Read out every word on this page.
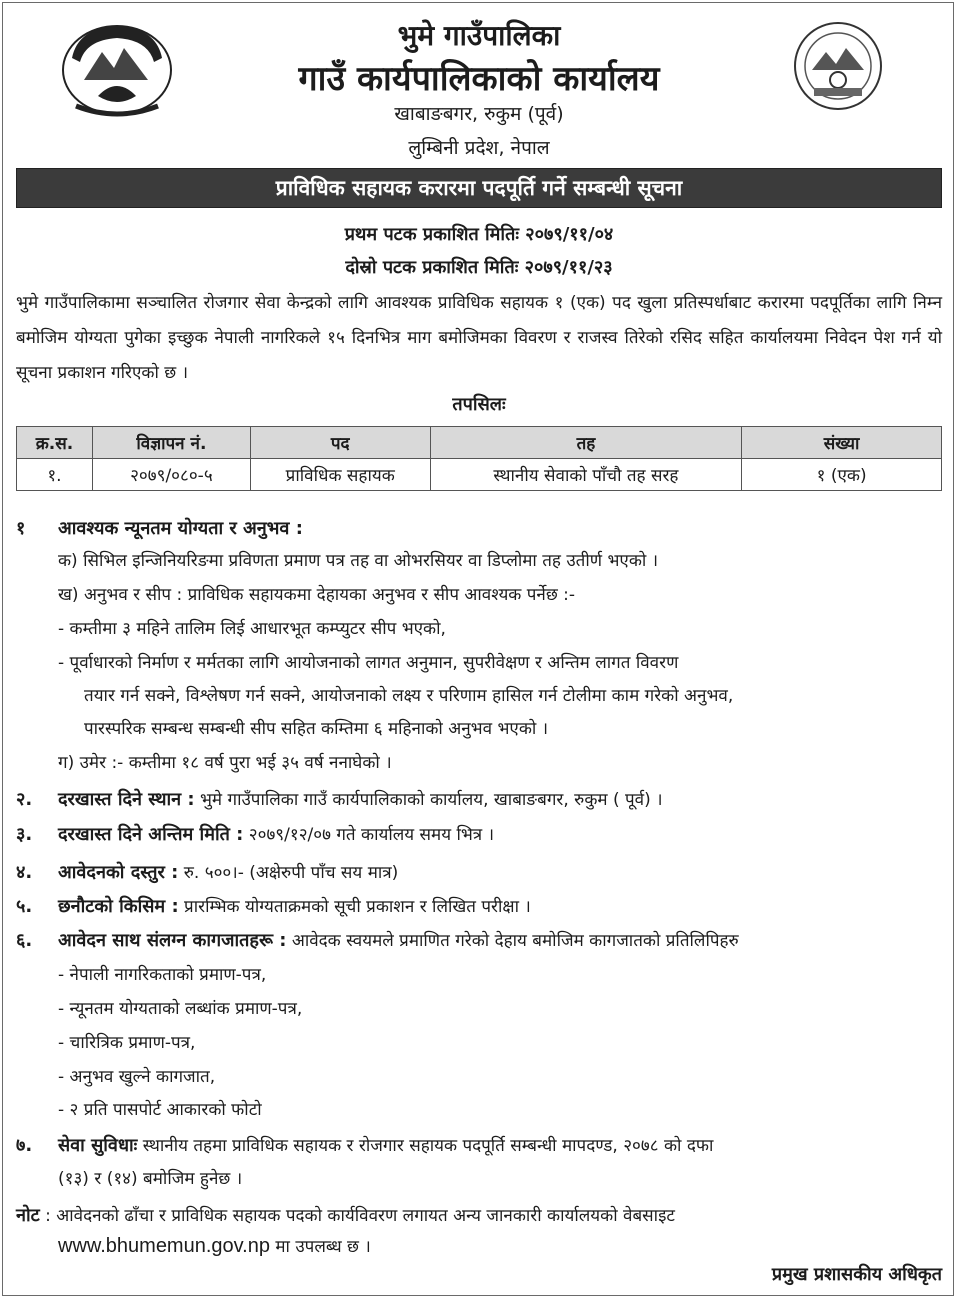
भुमे गाउँपालिका
गाउँ कार्यपालिकाको कार्यालय
खाबाङबगर, रुकुम (पूर्व)
लुम्बिनी प्रदेश, नेपाल
प्राविधिक सहायक करारमा पदपूर्ति गर्ने सम्बन्धी सूचना
प्रथम पटक प्रकाशित मितिः २०७९/११/०४
दोस्रो पटक प्रकाशित मितिः २०७९/११/२३
भुमे गाउँपालिकामा सञ्चालित रोजगार सेवा केन्द्रको लागि आवश्यक प्राविधिक सहायक १ (एक) पद खुला प्रतिस्पर्धाबाट करारमा पदपूर्तिका लागि निम्न बमोजिम योग्यता पुगेका इच्छुक नेपाली नागरिकले १५ दिनभित्र माग बमोजिमका विवरण र राजस्व तिरेको रसिद सहित कार्यालयमा निवेदन पेश गर्न यो सूचना प्रकाशन गरिएको छ ।
तपसिलः
क्र.स.	विज्ञापन नं.	पद	तह	संख्या
१.	२०७९/०८०-५	प्राविधिक सहायक	स्थानीय सेवाको पाँचौ तह सरह	१ (एक)
१ आवश्यक न्यूनतम योग्यता र अनुभव :
क) सिभिल इन्जिनियरिङमा प्रविणता प्रमाण पत्र तह वा ओभरसियर वा डिप्लोमा तह उतीर्ण भएको ।
ख) अनुभव र सीप : प्राविधिक सहायकमा देहायका अनुभव र सीप आवश्यक पर्नेछ :-
- कम्तीमा ३ महिने तालिम लिई आधारभूत कम्प्युटर सीप भएको,
- पूर्वाधारको निर्माण र मर्मतका लागि आयोजनाको लागत अनुमान, सुपरीवेक्षण र अन्तिम लागत विवरण
तयार गर्न सक्ने, विश्लेषण गर्न सक्ने, आयोजनाको लक्ष्य र परिणाम हासिल गर्न टोलीमा काम गरेको अनुभव,
पारस्परिक सम्बन्ध सम्बन्धी सीप सहित कम्तिमा ६ महिनाको अनुभव भएको ।
ग) उमेर :- कम्तीमा १८ वर्ष पुरा भई ३५ वर्ष ननाघेको ।
२. दरखास्त दिने स्थान : भुमे गाउँपालिका गाउँ कार्यपालिकाको कार्यालय, खाबाङबगर, रुकुम ( पूर्व) ।
३. दरखास्त दिने अन्तिम मिति : २०७९/१२/०७ गते कार्यालय समय भित्र ।
४. आवेदनको दस्तुर : रु. ५००।- (अक्षेरुपी पाँच सय मात्र)
५. छनौटको किसिम : प्रारम्भिक योग्यताक्रमको सूची प्रकाशन र लिखित परीक्षा ।
६. आवेदन साथ संलग्न कागजातहरू : आवेदक स्वयमले प्रमाणित गरेको देहाय बमोजिम कागजातको प्रतिलिपिहरु
- नेपाली नागरिकताको प्रमाण-पत्र,
- न्यूनतम योग्यताको लब्धांक प्रमाण-पत्र,
- चारित्रिक प्रमाण-पत्र,
- अनुभव खुल्ने कागजात,
- २ प्रति पासपोर्ट आकारको फोटो
७. सेवा सुविधाः स्थानीय तहमा प्राविधिक सहायक र रोजगार सहायक पदपूर्ति सम्बन्धी मापदण्ड, २०७८ को दफा
(१३) र (१४) बमोजिम हुनेछ ।
नोट : आवेदनको ढाँचा र प्राविधिक सहायक पदको कार्यविवरण लगायत अन्य जानकारी कार्यालयको वेबसाइट
www.bhumemun.gov.np मा उपलब्ध छ ।
प्रमुख प्रशासकीय अधिकृत
